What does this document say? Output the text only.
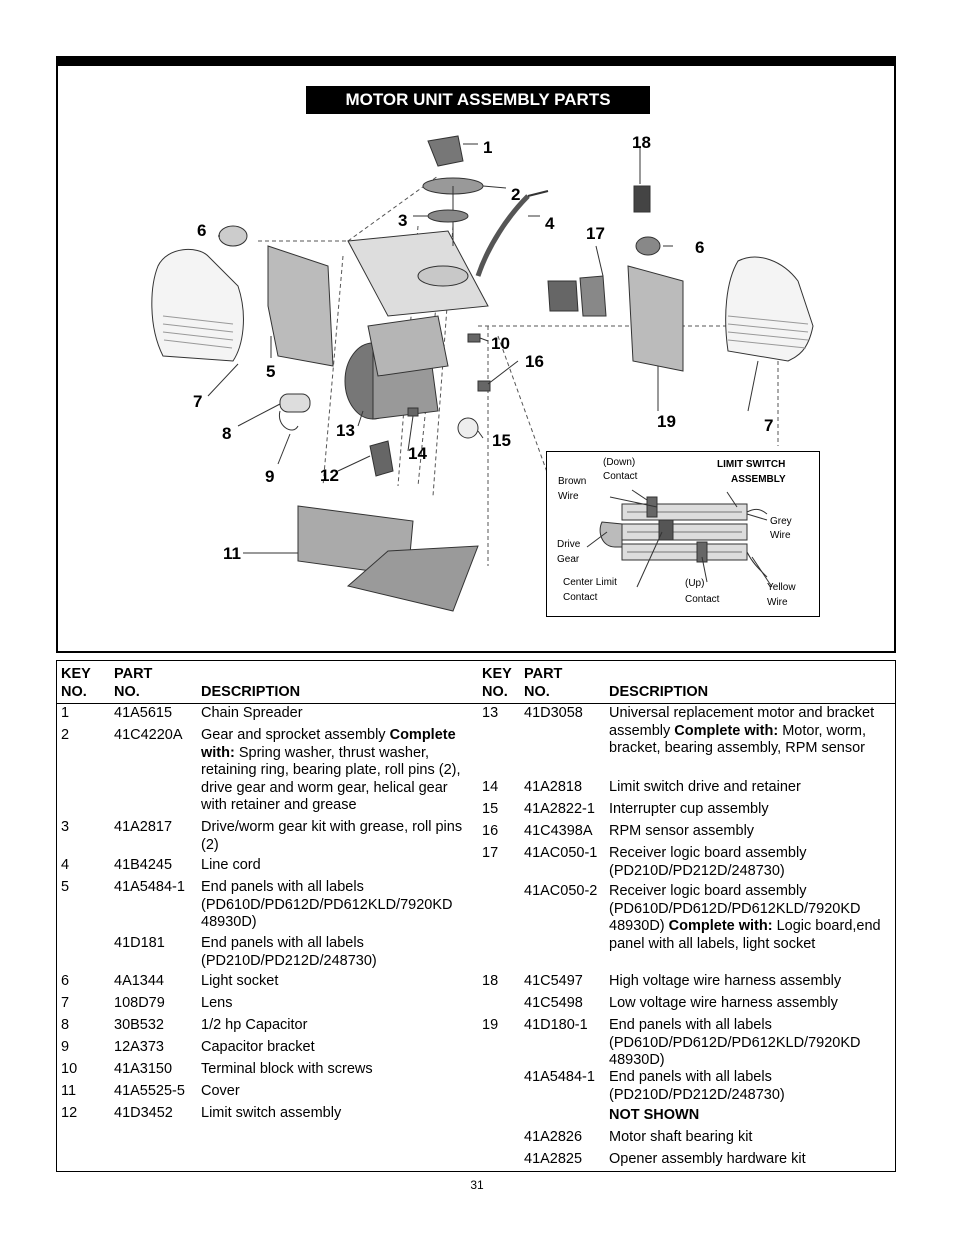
MOTOR UNIT ASSEMBLY PARTS
1
2
3	4
5
6
7
8
9
10
11
12
13
14
15
16
17
18
19
6
7
LIMIT SWITCH
ASSEMBLY
(Down)
Contact
Brown
Wire
Grey
Wire
Drive
Gear
Center Limit
Contact
(Up)
Contact
Yellow
Wire
KEY
NO.
PART
NO.	DESCRIPTION
KEY
NO.
PART
NO.	DESCRIPTION
1	41A5615 Chain Spreader
2	41C4220A Gear and sprocket assembly Complete with: Spring washer, thrust washer, retaining ring, bearing plate, roll pins (2), drive gear and worm gear, helical gear with retainer and grease
3	41A2817 Drive/worm gear kit with grease, roll pins (2)
4	41B4245 Line cord
5	41A5484-1 End panels with all labels (PD610D/PD612D/PD612KLD/7920KD 48930D)
41D181 End panels with all labels (PD210D/PD212D/248730)
6	4A1344	Light socket
7	108D79 Lens
8	30B532	1/2 hp Capacitor
9	12A373	Capacitor bracket
10	41A3150 Terminal block with screws
11	41A5525-5 Cover
12	41D3452 Limit switch assembly
13 41D3058 Universal replacement motor and bracket assembly Complete with: Motor, worm, bracket, bearing assembly, RPM sensor
14 41A2818 Limit switch drive and retainer
15 41A2822-1 Interrupter cup assembly
16 41C4398A RPM sensor assembly
17 41AC050-1 Receiver logic board assembly (PD210D/PD212D/248730)
41AC050-2 Receiver logic board assembly (PD610D/PD612D/PD612KLD/7920KD 48930D) Complete with: Logic board,end panel with all labels, light socket
18 41C5497 High voltage wire harness assembly
41C5498 Low voltage wire harness assembly
19 41D180-1 End panels with all labels (PD610D/PD612D/PD612KLD/7920KD 48930D)
41A5484-1 End panels with all labels (PD210D/PD212D/248730)
NOT SHOWN
41A2826 Motor shaft bearing kit
41A2825 Opener assembly hardware kit
31
